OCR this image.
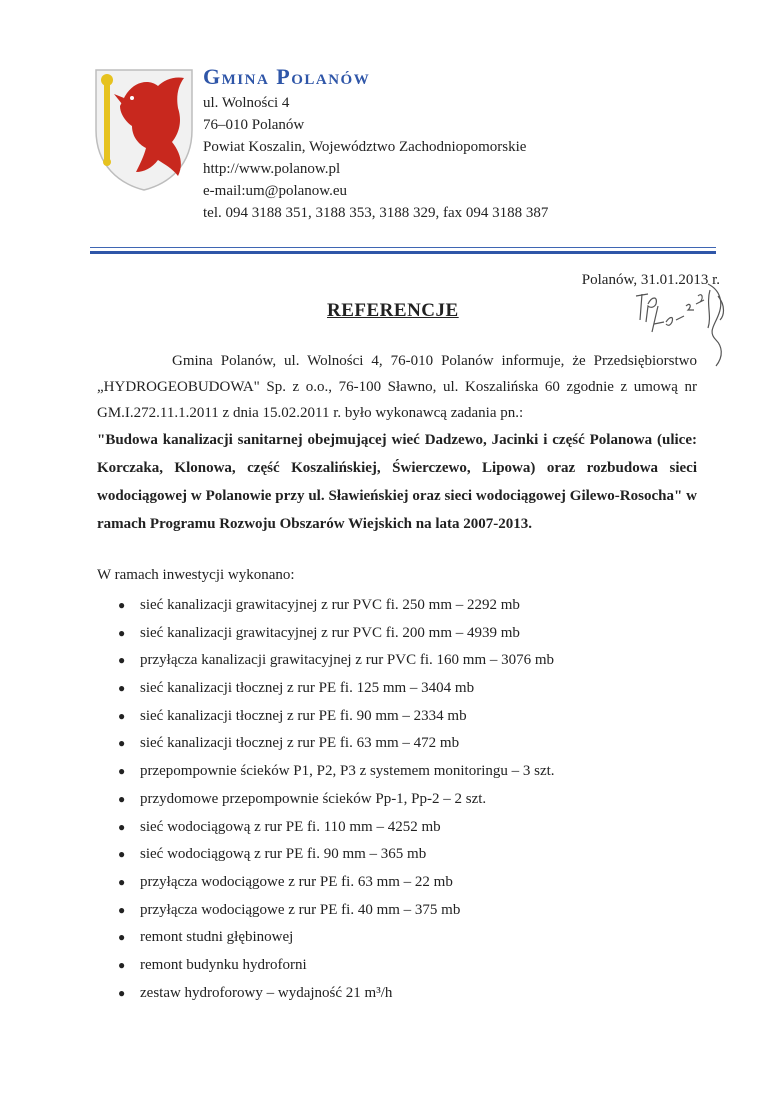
Gmina Polanów

ul. Wolności 4
76–010 Polanów
Powiat Koszalin, Województwo Zachodniopomorskie
http://www.polanow.pl
e-mail:um@polanow.eu
tel. 094 3188 351, 3188 353, 3188 329, fax 094 3188 387
Polanów, 31.01.2013 r.
REFERENCJE

Gmina Polanów, ul. Wolności 4, 76-010 Polanów informuje, że Przedsiębiorstwo „HYDROGEOBUDOWA" Sp. z o.o., 76-100 Sławno, ul. Koszalińska 60 zgodnie z umową nr GM.I.272.11.1.2011 z dnia 15.02.2011 r. było wykonawcą zadania pn.:

"Budowa kanalizacji sanitarnej obejmującej wieć Dadzewo, Jacinki i część Polanowa (ulice: Korczaka, Klonowa, część Koszalińskiej, Świerczewo, Lipowa) oraz rozbudowa sieci wodociągowej w Polanowie przy ul. Sławieńskiej oraz sieci wodociągowej Gilewo-Rosocha" w ramach Programu Rozwoju Obszarów Wiejskich na lata 2007-2013.

W ramach inwestycji wykonano:
● sieć kanalizacji grawitacyjnej z rur PVC fi. 250 mm – 2292 mb
● sieć kanalizacji grawitacyjnej z rur PVC fi. 200 mm – 4939 mb
● przyłącza kanalizacji grawitacyjnej z rur PVC fi. 160 mm – 3076 mb
● sieć kanalizacji tłocznej z rur PE fi. 125 mm – 3404 mb
● sieć kanalizacji tłocznej z rur PE fi. 90 mm – 2334 mb
● sieć kanalizacji tłocznej z rur PE fi. 63 mm – 472 mb
● przepompownie ścieków P1, P2, P3 z systemem monitoringu – 3 szt.
● przydomowe przepompownie ścieków Pp-1, Pp-2 – 2 szt.
● sieć wodociągową z rur PE fi. 110 mm – 4252 mb
● sieć wodociągową z rur PE fi. 90 mm – 365 mb
● przyłącza wodociągowe z rur PE fi. 63 mm – 22 mb
● przyłącza wodociągowe z rur PE fi. 40 mm – 375 mb
● remont studni głębinowej
● remont budynku hydroforni
● zestaw hydroforowy – wydajność 21 m³/h
